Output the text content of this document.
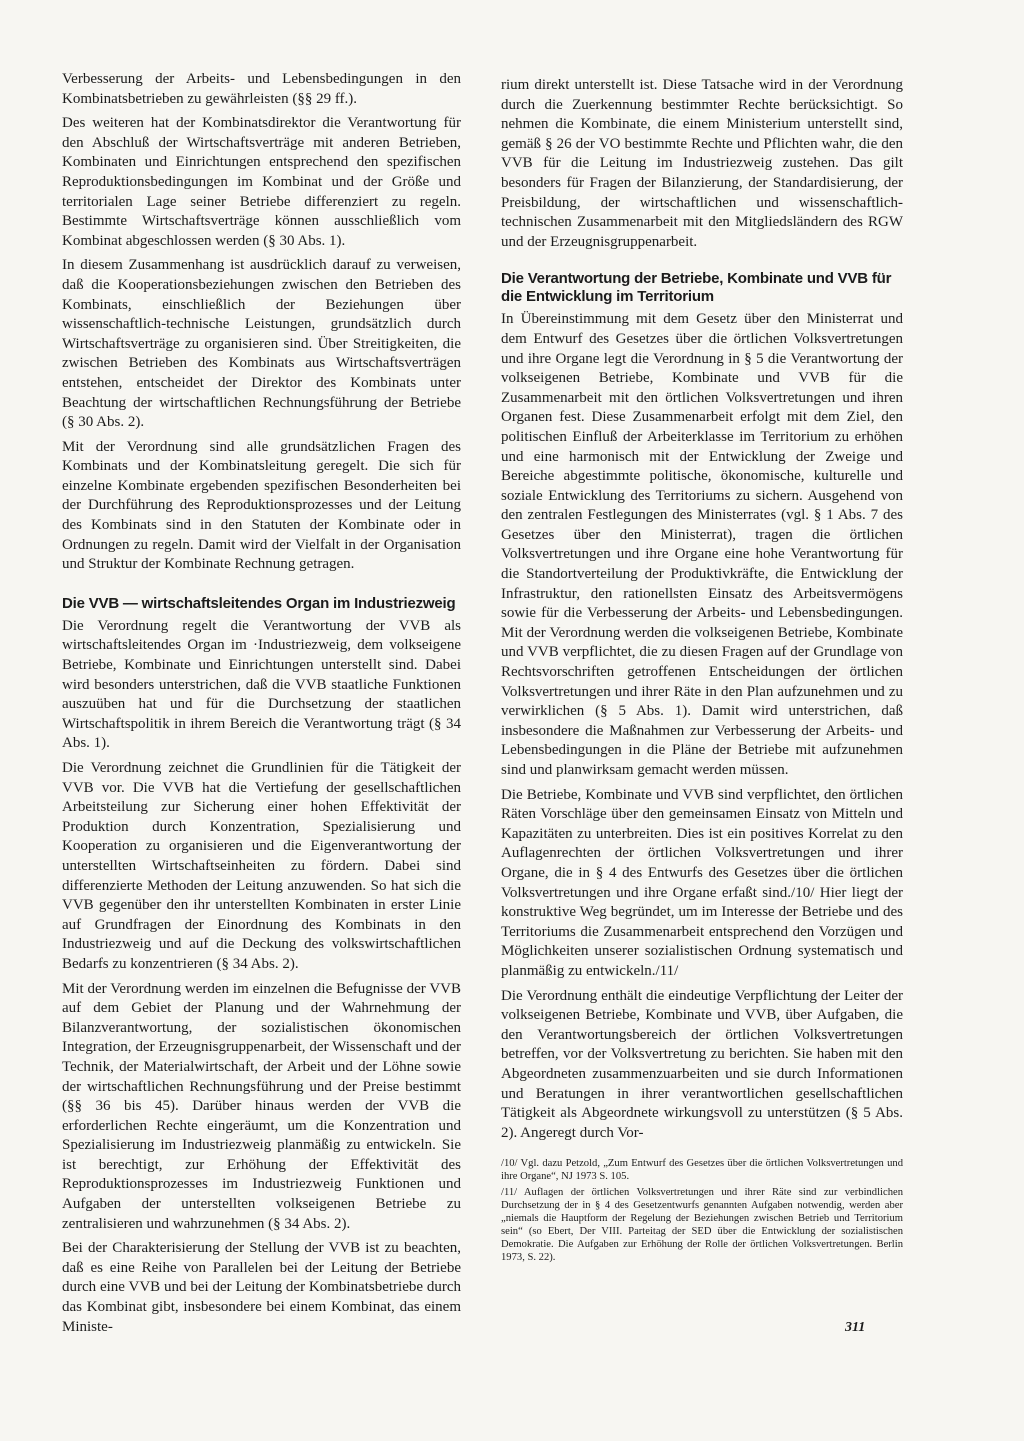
Verbesserung der Arbeits- und Lebensbedingungen in den Kombinatsbetrieben zu gewährleisten (§§ 29 ff.).

Des weiteren hat der Kombinatsdirektor die Verantwortung für den Abschluß der Wirtschaftsverträge mit anderen Betrieben, Kombinaten und Einrichtungen entsprechend den spezifischen Reproduktionsbedingungen im Kombinat und der Größe und territorialen Lage seiner Betriebe differenziert zu regeln. Bestimmte Wirtschaftsverträge können ausschließlich vom Kombinat abgeschlossen werden (§ 30 Abs. 1).

In diesem Zusammenhang ist ausdrücklich darauf zu verweisen, daß die Kooperationsbeziehungen zwischen den Betrieben des Kombinats, einschließlich der Beziehungen über wissenschaftlich-technische Leistungen, grundsätzlich durch Wirtschaftsverträge zu organisieren sind. Über Streitigkeiten, die zwischen Betrieben des Kombinats aus Wirtschaftsverträgen entstehen, entscheidet der Direktor des Kombinats unter Beachtung der wirtschaftlichen Rechnungsführung der Betriebe (§ 30 Abs. 2).

Mit der Verordnung sind alle grundsätzlichen Fragen des Kombinats und der Kombinatsleitung geregelt. Die sich für einzelne Kombinate ergebenden spezifischen Besonderheiten bei der Durchführung des Reproduktionsprozesses und der Leitung des Kombinats sind in den Statuten der Kombinate oder in Ordnungen zu regeln. Damit wird der Vielfalt in der Organisation und Struktur der Kombinate Rechnung getragen.

Die VVB — wirtschaftsleitendes Organ im Industriezweig

Die Verordnung regelt die Verantwortung der VVB als wirtschaftsleitendes Organ im ·Industriezweig, dem volkseigene Betriebe, Kombinate und Einrichtungen unterstellt sind. Dabei wird besonders unterstrichen, daß die VVB staatliche Funktionen auszuüben hat und für die Durchsetzung der staatlichen Wirtschaftspolitik in ihrem Bereich die Verantwortung trägt (§ 34 Abs. 1).

Die Verordnung zeichnet die Grundlinien für die Tätigkeit der VVB vor. Die VVB hat die Vertiefung der gesellschaftlichen Arbeitsteilung zur Sicherung einer hohen Effektivität der Produktion durch Konzentration, Spezialisierung und Kooperation zu organisieren und die Eigenverantwortung der unterstellten Wirtschaftseinheiten zu fördern. Dabei sind differenzierte Methoden der Leitung anzuwenden. So hat sich die VVB gegenüber den ihr unterstellten Kombinaten in erster Linie auf Grundfragen der Einordnung des Kombinats in den Industriezweig und auf die Deckung des volkswirtschaftlichen Bedarfs zu konzentrieren (§ 34 Abs. 2).

Mit der Verordnung werden im einzelnen die Befugnisse der VVB auf dem Gebiet der Planung und der Wahrnehmung der Bilanzverantwortung, der sozialistischen ökonomischen Integration, der Erzeugnisgruppenarbeit, der Wissenschaft und der Technik, der Materialwirtschaft, der Arbeit und der Löhne sowie der wirtschaftlichen Rechnungsführung und der Preise bestimmt (§§ 36 bis 45). Darüber hinaus werden der VVB die erforderlichen Rechte eingeräumt, um die Konzentration und Spezialisierung im Industriezweig planmäßig zu entwickeln. Sie ist berechtigt, zur Erhöhung der Effektivität des Reproduktionsprozesses im Industriezweig Funktionen und Aufgaben der unterstellten volkseigenen Betriebe zu zentralisieren und wahrzunehmen (§ 34 Abs. 2).

Bei der Charakterisierung der Stellung der VVB ist zu beachten, daß es eine Reihe von Parallelen bei der Leitung der Betriebe durch eine VVB und bei der Leitung der Kombinatsbetriebe durch das Kombinat gibt, insbesondere bei einem Kombinat, das einem Ministe-

rium direkt unterstellt ist. Diese Tatsache wird in der Verordnung durch die Zuerkennung bestimmter Rechte berücksichtigt. So nehmen die Kombinate, die einem Ministerium unterstellt sind, gemäß § 26 der VO bestimmte Rechte und Pflichten wahr, die den VVB für die Leitung im Industriezweig zustehen. Das gilt besonders für Fragen der Bilanzierung, der Standardisierung, der Preisbildung, der wirtschaftlichen und wissenschaftlich-technischen Zusammenarbeit mit den Mitgliedsländern des RGW und der Erzeugnisgruppenarbeit.

Die Verantwortung der Betriebe, Kombinate und VVB für die Entwicklung im Territorium

In Übereinstimmung mit dem Gesetz über den Ministerrat und dem Entwurf des Gesetzes über die örtlichen Volksvertretungen und ihre Organe legt die Verordnung in § 5 die Verantwortung der volkseigenen Betriebe, Kombinate und VVB für die Zusammenarbeit mit den örtlichen Volksvertretungen und ihren Organen fest. Diese Zusammenarbeit erfolgt mit dem Ziel, den politischen Einfluß der Arbeiterklasse im Territorium zu erhöhen und eine harmonisch mit der Entwicklung der Zweige und Bereiche abgestimmte politische, ökonomische, kulturelle und soziale Entwicklung des Territoriums zu sichern. Ausgehend von den zentralen Festlegungen des Ministerrates (vgl. § 1 Abs. 7 des Gesetzes über den Ministerrat), tragen die örtlichen Volksvertretungen und ihre Organe eine hohe Verantwortung für die Standortverteilung der Produktivkräfte, die Entwicklung der Infrastruktur, den rationellsten Einsatz des Arbeitsvermögens sowie für die Verbesserung der Arbeits- und Lebensbedingungen. Mit der Verordnung werden die volkseigenen Betriebe, Kombinate und VVB verpflichtet, die zu diesen Fragen auf der Grundlage von Rechtsvorschriften getroffenen Entscheidungen der örtlichen Volksvertretungen und ihrer Räte in den Plan aufzunehmen und zu verwirklichen (§ 5 Abs. 1). Damit wird unterstrichen, daß insbesondere die Maßnahmen zur Verbesserung der Arbeits- und Lebensbedingungen in die Pläne der Betriebe mit aufzunehmen sind und planwirksam gemacht werden müssen.

Die Betriebe, Kombinate und VVB sind verpflichtet, den örtlichen Räten Vorschläge über den gemeinsamen Einsatz von Mitteln und Kapazitäten zu unterbreiten. Dies ist ein positives Korrelat zu den Auflagenrechten der örtlichen Volksvertretungen und ihrer Organe, die in § 4 des Entwurfs des Gesetzes über die örtlichen Volksvertretungen und ihre Organe erfaßt sind./10/ Hier liegt der konstruktive Weg begründet, um im Interesse der Betriebe und des Territoriums die Zusammenarbeit entsprechend den Vorzügen und Möglichkeiten unserer sozialistischen Ordnung systematisch und planmäßig zu entwickeln./11/

Die Verordnung enthält die eindeutige Verpflichtung der Leiter der volkseigenen Betriebe, Kombinate und VVB, über Aufgaben, die den Verantwortungsbereich der örtlichen Volksvertretungen betreffen, vor der Volksvertretung zu berichten. Sie haben mit den Abgeordneten zusammenzuarbeiten und sie durch Informationen und Beratungen in ihrer verantwortlichen gesellschaftlichen Tätigkeit als Abgeordnete wirkungsvoll zu unterstützen (§ 5 Abs. 2). Angeregt durch Vor-

/10/ Vgl. dazu Petzold, „Zum Entwurf des Gesetzes über die örtlichen Volksvertretungen und ihre Organe“, NJ 1973 S. 105.

/11/ Auflagen der örtlichen Volksvertretungen und ihrer Räte sind zur verbindlichen Durchsetzung der in § 4 des Gesetzentwurfs genannten Aufgaben notwendig, werden aber „niemals die Hauptform der Regelung der Beziehungen zwischen Betrieb und Territorium sein“ (so Ebert, Der VIII. Parteitag der SED über die Entwicklung der sozialistischen Demokratie. Die Aufgaben zur Erhöhung der Rolle der örtlichen Volksvertretungen. Berlin 1973, S. 22).

311
